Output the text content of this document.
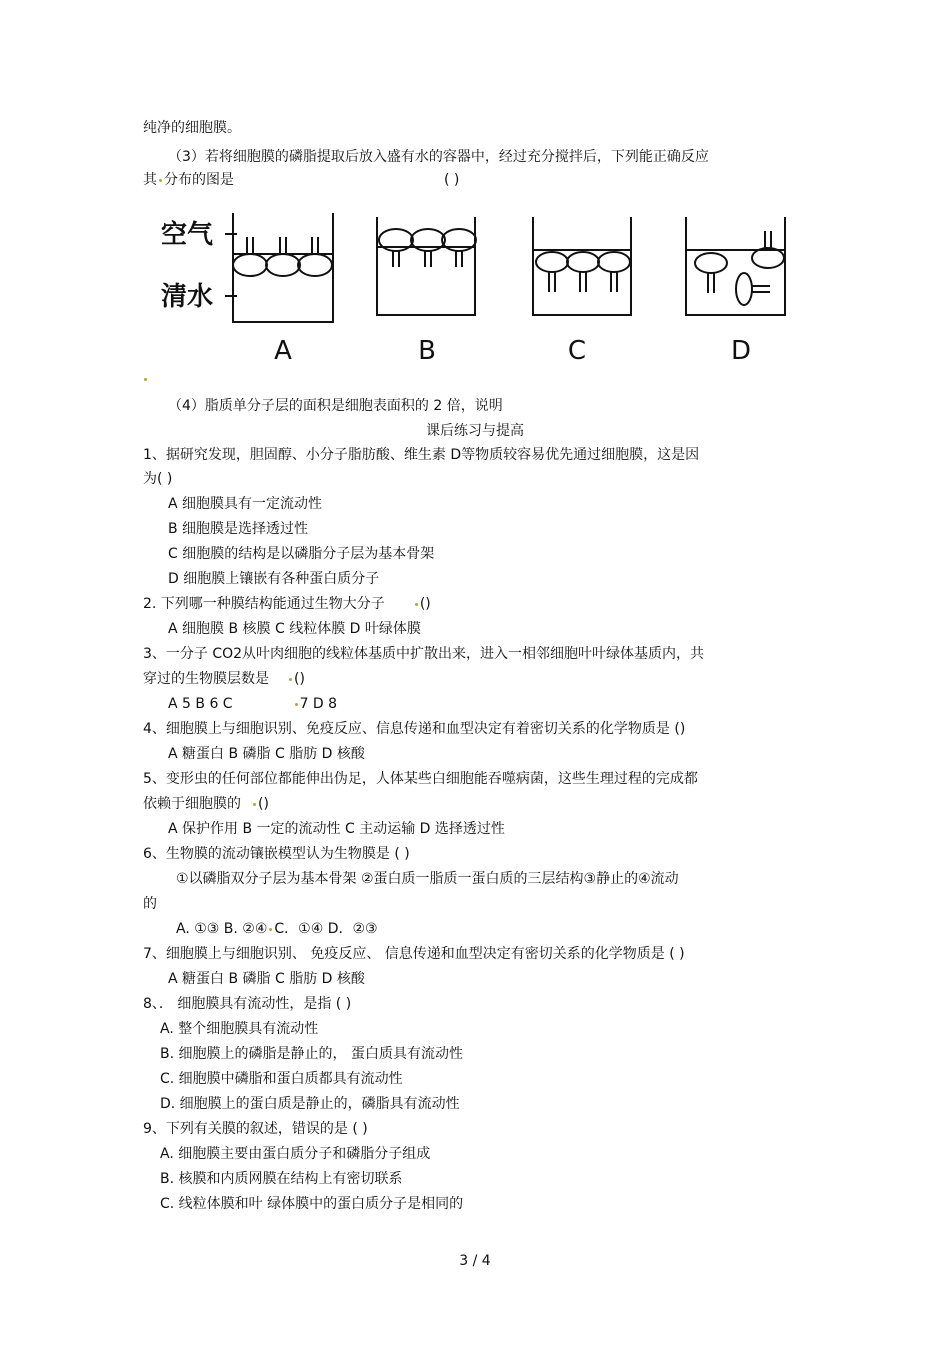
纯净的细胞膜。
（3）若将细胞膜的磷脂提取后放入盛有水的容器中，经过充分搅拌后，下列能正确反应
其 分布的图是	( )
空气
清水
A	B	C	D
（4）脂质单分子层的面积是细胞表面积的 2 倍，说明
课后练习与提高
1、据研究发现，胆固醇、小分子脂肪酸、维生素 D等物质较容易优先通过细胞膜，这是因
为( )
A 细胞膜具有一定流动性
B 细胞膜是选择透过性
C 细胞膜的结构是以磷脂分子层为基本骨架
D 细胞膜上镶嵌有各种蛋白质分子
2. 下列哪一种膜结构能通过生物大分子	()
A 细胞膜 B 核膜 C 线粒体膜 D 叶绿体膜
3、一分子 CO2从叶肉细胞的线粒体基质中扩散出来，进入一相邻细胞叶叶绿体基质内，共
穿过的生物膜层数是 ()
A 5 B 6 C	7 D 8
4、细胞膜上与细胞识别、免疫反应、信息传递和血型决定有着密切关系的化学物质是 ()
A 糖蛋白 B 磷脂 C 脂肪 D 核酸
5、变形虫的任何部位都能伸出伪足，人体某些白细胞能吞噬病菌，这些生理过程的完成都
依赖于细胞膜的 ()
A 保护作用 B 一定的流动性 C 主动运输 D 选择透过性
6、生物膜的流动镶嵌模型认为生物膜是 ( )
①以磷脂双分子层为基本骨架 ②蛋白质一脂质一蛋白质的三层结构③静止的④流动
的
A. ①③ B. ②④ C．①④ D．②③
7、细胞膜上与细胞识别、 免疫反应、 信息传递和血型决定有密切关系的化学物质是 ( )
A 糖蛋白 B 磷脂 C 脂肪 D 核酸
8、． 细胞膜具有流动性，是指 ( )
A. 整个细胞膜具有流动性
B. 细胞膜上的磷脂是静止的， 蛋白质具有流动性
C. 细胞膜中磷脂和蛋白质都具有流动性
D. 细胞膜上的蛋白质是静止的，磷脂具有流动性
9、下列有关膜的叙述，错误的是 ( )
A. 细胞膜主要由蛋白质分子和磷脂分子组成
B. 核膜和内质网膜在结构上有密切联系
C. 线粒体膜和叶 绿体膜中的蛋白质分子是相同的
3 / 4
